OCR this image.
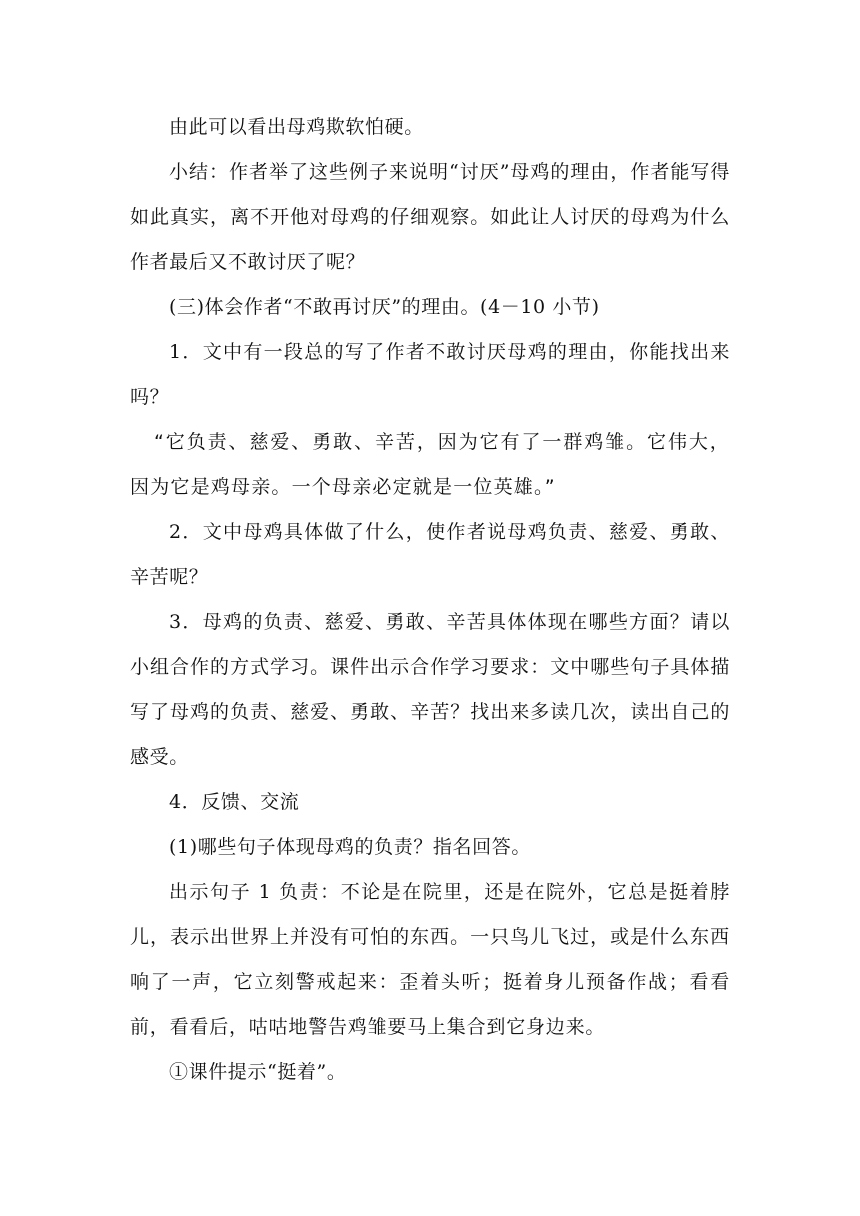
由此可以看出母鸡欺软怕硬。

小结：作者举了这些例子来说明“讨厌”母鸡的理由，作者能写得如此真实，离不开他对母鸡的仔细观察。如此让人讨厌的母鸡为什么作者最后又不敢讨厌了呢？

(三)体会作者“不敢再讨厌”的理由。(4－10 小节)

1．文中有一段总的写了作者不敢讨厌母鸡的理由，你能找出来吗？

“它负责、慈爱、勇敢、辛苦，因为它有了一群鸡雏。它伟大，因为它是鸡母亲。一个母亲必定就是一位英雄。”

2．文中母鸡具体做了什么，使作者说母鸡负责、慈爱、勇敢、辛苦呢？

3．母鸡的负责、慈爱、勇敢、辛苦具体体现在哪些方面？请以小组合作的方式学习。课件出示合作学习要求：文中哪些句子具体描写了母鸡的负责、慈爱、勇敢、辛苦？找出来多读几次，读出自己的感受。

4．反馈、交流

(1)哪些句子体现母鸡的负责？指名回答。

出示句子 1 负责：不论是在院里，还是在院外，它总是挺着脖儿，表示出世界上并没有可怕的东西。一只鸟儿飞过，或是什么东西响了一声，它立刻警戒起来：歪着头听；挺着身儿预备作战；看看前，看看后，咕咕地警告鸡雏要马上集合到它身边来。

①课件提示“挺着”。
